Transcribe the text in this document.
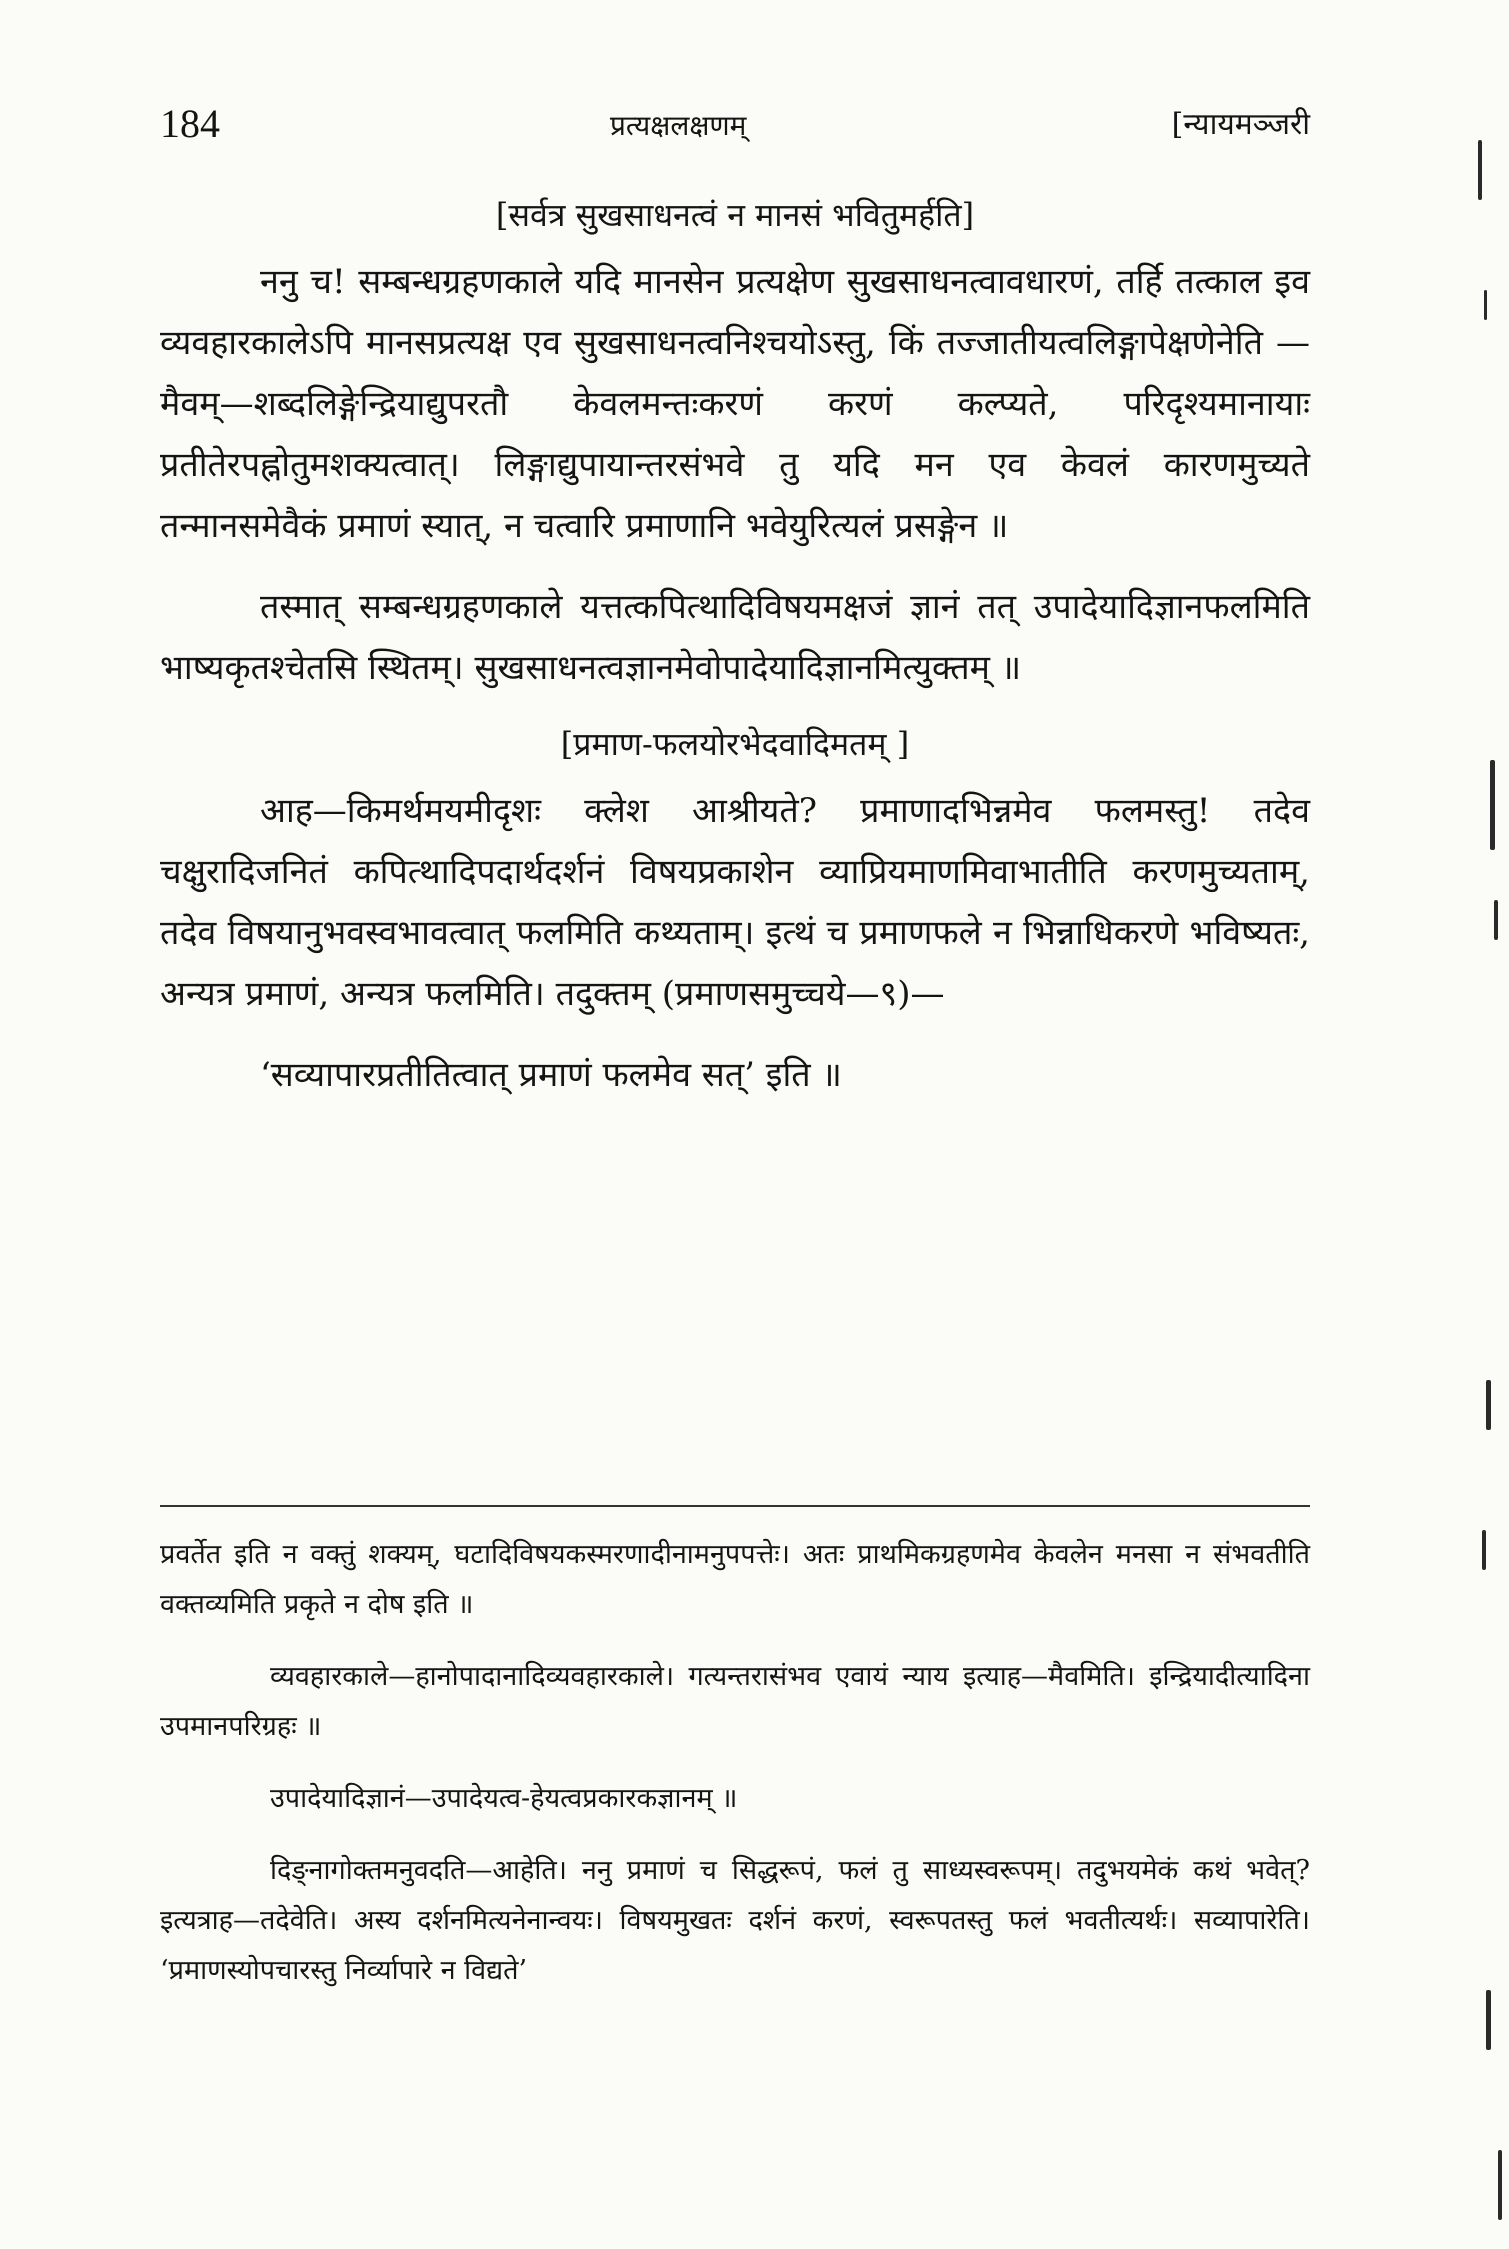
184	प्रत्यक्षलक्षणम्	[न्यायमञ्जरी
[सर्वत्र सुखसाधनत्वं न मानसं भवितुमर्हति]

ननु च! सम्बन्धग्रहणकाले यदि मानसेन प्रत्यक्षेण सुखसाधनत्वावधारणं, तर्हि तत्काल इव व्यवहारकालेऽपि मानसप्रत्यक्ष एव सुखसाधनत्वनिश्चयोऽस्तु, किं तज्जातीयत्वलिङ्गापेक्षणेनेति — मैवम्—शब्दलिङ्गेन्द्रियाद्युपरतौ केवलमन्तःकरणं करणं कल्प्यते, परिदृश्यमानायाः प्रतीतेरपह्नोतुमशक्यत्वात्। लिङ्गाद्युपायान्तरसंभवे तु यदि मन एव केवलं कारणमुच्यते तन्मानसमेवैकं प्रमाणं स्यात्, न चत्वारि प्रमाणानि भवेयुरित्यलं प्रसङ्गेन ॥

तस्मात् सम्बन्धग्रहणकाले यत्तत्कपित्थादिविषयमक्षजं ज्ञानं तत् उपादेयादिज्ञानफलमिति भाष्यकृतश्चेतसि स्थितम्। सुखसाधनत्वज्ञानमेवोपादेयादिज्ञानमित्युक्तम् ॥

[प्रमाण-फलयोरभेदवादिमतम् ]

आह—किमर्थमयमीदृशः क्लेश आश्रीयते? प्रमाणादभिन्नमेव फलमस्तु! तदेव चक्षुरादिजनितं कपित्थादिपदार्थदर्शनं विषयप्रकाशेन व्याप्रियमाणमिवाभातीति करणमुच्यताम्, तदेव विषयानुभवस्वभावत्वात् फलमिति कथ्यताम्। इत्थं च प्रमाणफले न भिन्नाधिकरणे भविष्यतः, अन्यत्र प्रमाणं, अन्यत्र फलमिति। तदुक्तम् (प्रमाणसमुच्चये—९)—

‘सव्यापारप्रतीतित्वात् प्रमाणं फलमेव सत्’ इति ॥

प्रवर्तेत इति न वक्तुं शक्यम्, घटादिविषयकस्मरणादीनामनुपपत्तेः। अतः प्राथमिकग्रहणमेव केवलेन मनसा न संभवतीति वक्तव्यमिति प्रकृते न दोष इति ॥

व्यवहारकाले—हानोपादानादिव्यवहारकाले। गत्यन्तरासंभव एवायं न्याय इत्याह—मैवमिति। इन्द्रियादीत्यादिना उपमानपरिग्रहः ॥

उपादेयादिज्ञानं—उपादेयत्व-हेयत्वप्रकारकज्ञानम् ॥

दिङ्नागोक्तमनुवदति—आहेति। ननु प्रमाणं च सिद्धरूपं, फलं तु साध्यस्वरूपम्। तदुभयमेकं कथं भवेत्? इत्यत्राह—तदेवेति। अस्य दर्शनमित्यनेनान्वयः। विषयमुखतः दर्शनं करणं, स्वरूपतस्तु फलं भवतीत्यर्थः। सव्यापारेति। ‘प्रमाणस्योपचारस्तु निर्व्यापारे न विद्यते’
